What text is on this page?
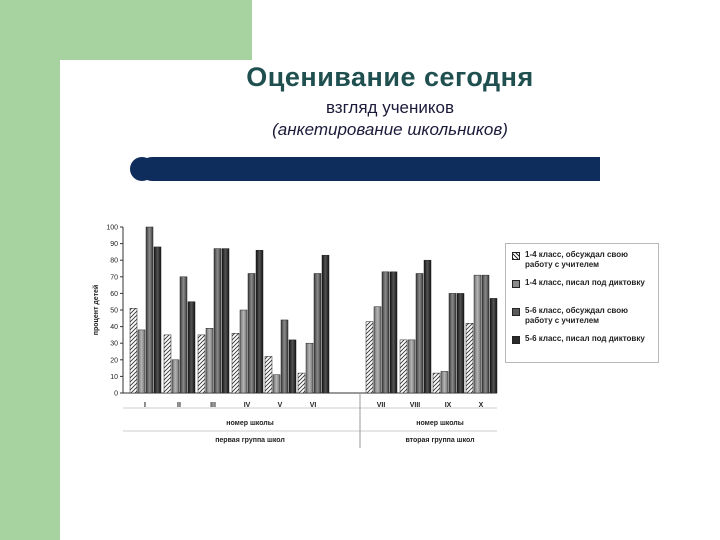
Оценивание сегодня
взгляд учеников
(анкетирование школьников)
0
10
20
30
40
50
60
70
80
90
100
процент детей
I	II	III	IV	V	VI	VII	VIII	IX	X
1-4 класс, обсуждал свою работу с учителем
1-4 класс, писал под диктовку
5-6 класс, обсуждал свою работу с учителем
5-6 класс, писал под диктовку
номер школы
первая группа школ
номер школы
вторая группа школ
